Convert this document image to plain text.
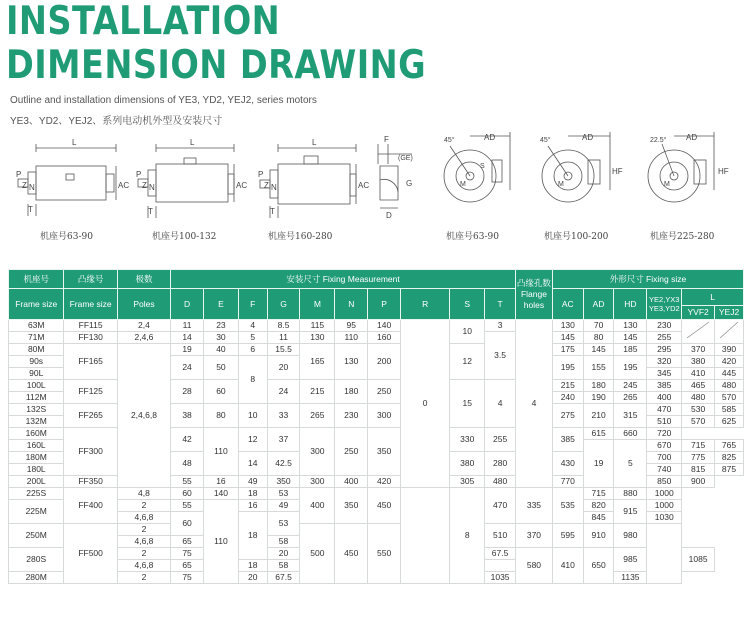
INSTALLATION
DIMENSION DRAWING
Outline and installation dimensions of YE3, YD2, YEJ2, series motors
YE3、YD2、YEJ2、系列电动机外型及安装尺寸
L
P
Z N	AC
T
L
P
Z N	AC
T
L
P
Z N	AC
T
F
(GE)
G
D
45°	AD
M
S
45°	AD
HF
M
22.5° AD
HF
M
机座号63-90	机座号100-132	机座号160-280	机座号63-90	机座号100-200	机座号225-280
机座号	凸缘号	极数	安装尺寸 Fixing Measurement										凸缘孔数 Flange holes	外形尺寸 Fixing size					
Frame size	Frame size	Poles	D	E	F	G	M	N	P	R	S	T		AC	AD	HD	YE2,YX3 YE3,YD2	L	
																		YVF2	YEJ2
63M	FF115	2,4	11	23	4	8.5	115	95	140	0	10	3	4	130	70	130	230		
71M	FF130	2,4,6	14	30	5	11	130	110	160			3.5		145	80	145	255		
80M	FF165	2,4,6,8	19	40	6	15.5	165	130	200		12			175	145	185	295	370	390
90s			24	50	8	20								195	155	195	320	380	420
90L																	345	410	445
100L	FF125		28	60		24	215	180	250		15	4		215	180	245	385	465	480
112M														240	190	265	400	480	570
132S	FF265		38	80	10	33	265	230	300					275	210	315	470	530	585
132M																	510	570	625
160M	FF300		42	110	12	37	300	250	350		330	255		385	615	660	720		
160L															19	5	670	715	765
180M			48		14	42.5					380	280		430			700	775	825
180L																	740	815	875
200L	FF350		55	16	49	350	300	400	420		305	480		770			850	900	
225S	FF400	4,8	60	140	18	53	400	350	450		8	470	335	535	715	880	1000		
225M		2	55	110	16	49									820	915	1000		
		4,6,8	60		18	53									845		1030		
250M	FF500	2					500	450	550			510	370	595	910	980			
		4,6,8	65			58													
280S		2	75			20						67.5	580	410	650	985		1085	
		4,6,8	65		18	58													
280M		2	75		20	67.5						1035				1135			
